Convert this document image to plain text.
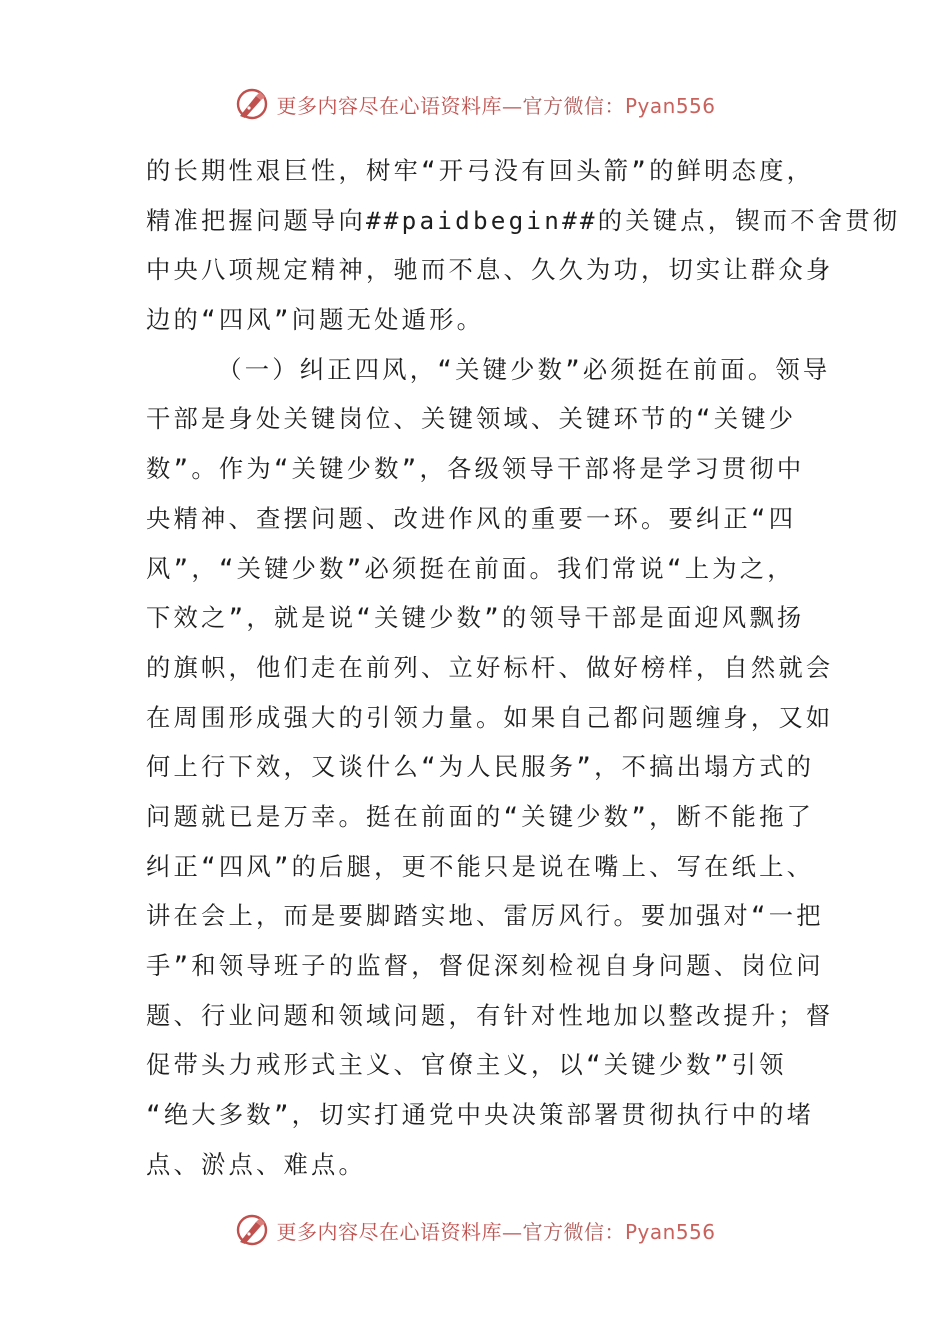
更多内容尽在心语资料库—官方微信：Pyan556
的长期性艰巨性，树牢“开弓没有回头箭”的鲜明态度，
精准把握问题导向##paidbegin##的关键点，锲而不舍贯彻
中央八项规定精神，驰而不息、久久为功，切实让群众身
边的“四风”问题无处遁形。
（一）纠正四风，“关键少数”必须挺在前面。领导
干部是身处关键岗位、关键领域、关键环节的“关键少
数”。作为“关键少数”，各级领导干部将是学习贯彻中
央精神、查摆问题、改进作风的重要一环。要纠正“四
风”，“关键少数”必须挺在前面。我们常说“上为之，
下效之”，就是说“关键少数”的领导干部是面迎风飘扬
的旗帜，他们走在前列、立好标杆、做好榜样，自然就会
在周围形成强大的引领力量。如果自己都问题缠身，又如
何上行下效，又谈什么“为人民服务”，不搞出塌方式的
问题就已是万幸。挺在前面的“关键少数”，断不能拖了
纠正“四风”的后腿，更不能只是说在嘴上、写在纸上、
讲在会上，而是要脚踏实地、雷厉风行。要加强对“一把
手”和领导班子的监督，督促深刻检视自身问题、岗位问
题、行业问题和领域问题，有针对性地加以整改提升；督
促带头力戒形式主义、官僚主义，以“关键少数”引领
“绝大多数”，切实打通党中央决策部署贯彻执行中的堵
点、淤点、难点。
更多内容尽在心语资料库—官方微信：Pyan556
